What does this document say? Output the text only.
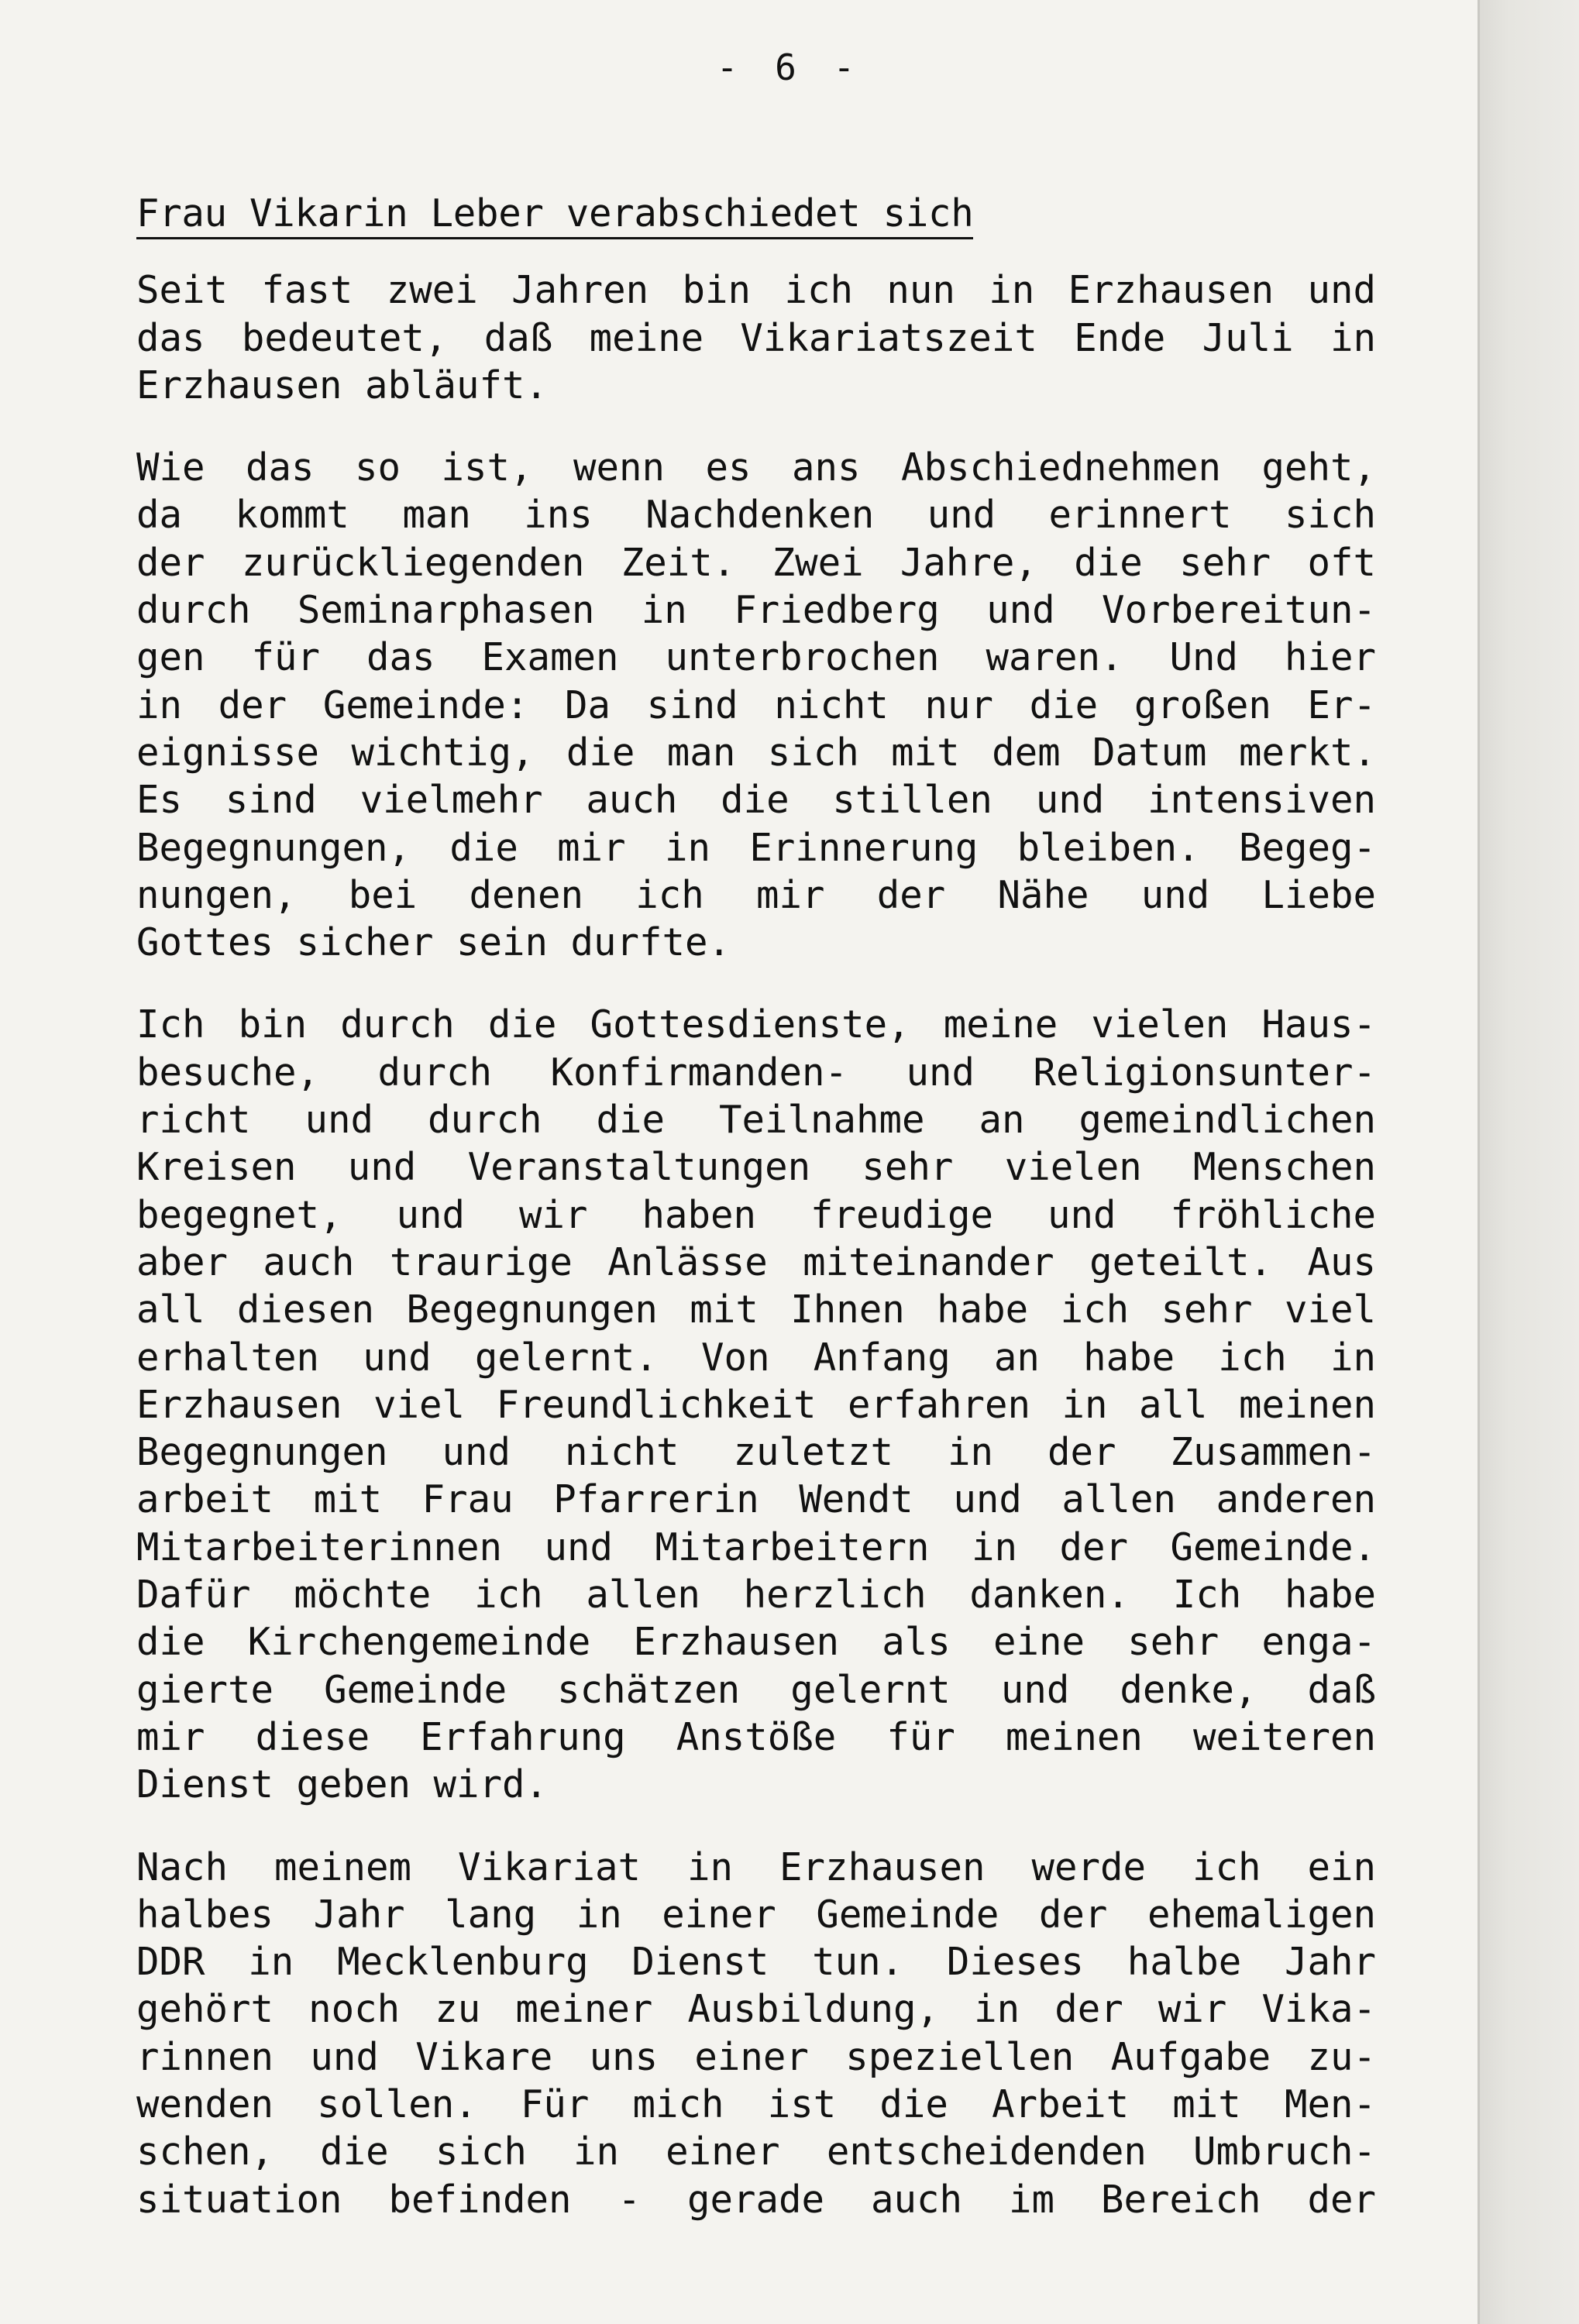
- 6 -
Frau Vikarin Leber verabschiedet sich
Seit fast zwei Jahren bin ich nun in Erzhausen und
das bedeutet, daß meine Vikariatszeit Ende Juli in
Erzhausen abläuft.
Wie das so ist, wenn es ans Abschiednehmen geht,
da kommt man ins Nachdenken und erinnert sich
der zurückliegenden Zeit. Zwei Jahre, die sehr oft
durch Seminarphasen in Friedberg und Vorbereitun-
gen für das Examen unterbrochen waren. Und hier
in der Gemeinde: Da sind nicht nur die großen Er-
eignisse wichtig, die man sich mit dem Datum merkt.
Es sind vielmehr auch die stillen und intensiven
Begegnungen, die mir in Erinnerung bleiben. Begeg-
nungen, bei denen ich mir der Nähe und Liebe
Gottes sicher sein durfte.
Ich bin durch die Gottesdienste, meine vielen Haus-
besuche, durch Konfirmanden- und Religionsunter-
richt und durch die Teilnahme an gemeindlichen
Kreisen und Veranstaltungen sehr vielen Menschen
begegnet, und wir haben freudige und fröhliche
aber auch traurige Anlässe miteinander geteilt. Aus
all diesen Begegnungen mit Ihnen habe ich sehr viel
erhalten und gelernt. Von Anfang an habe ich in
Erzhausen viel Freundlichkeit erfahren in all meinen
Begegnungen und nicht zuletzt in der Zusammen-
arbeit mit Frau Pfarrerin Wendt und allen anderen
Mitarbeiterinnen und Mitarbeitern in der Gemeinde.
Dafür möchte ich allen herzlich danken. Ich habe
die Kirchengemeinde Erzhausen als eine sehr enga-
gierte Gemeinde schätzen gelernt und denke, daß
mir diese Erfahrung Anstöße für meinen weiteren
Dienst geben wird.
Nach meinem Vikariat in Erzhausen werde ich ein
halbes Jahr lang in einer Gemeinde der ehemaligen
DDR in Mecklenburg Dienst tun. Dieses halbe Jahr
gehört noch zu meiner Ausbildung, in der wir Vika-
rinnen und Vikare uns einer speziellen Aufgabe zu-
wenden sollen. Für mich ist die Arbeit mit Men-
schen, die sich in einer entscheidenden Umbruch-
situation befinden - gerade auch im Bereich der
